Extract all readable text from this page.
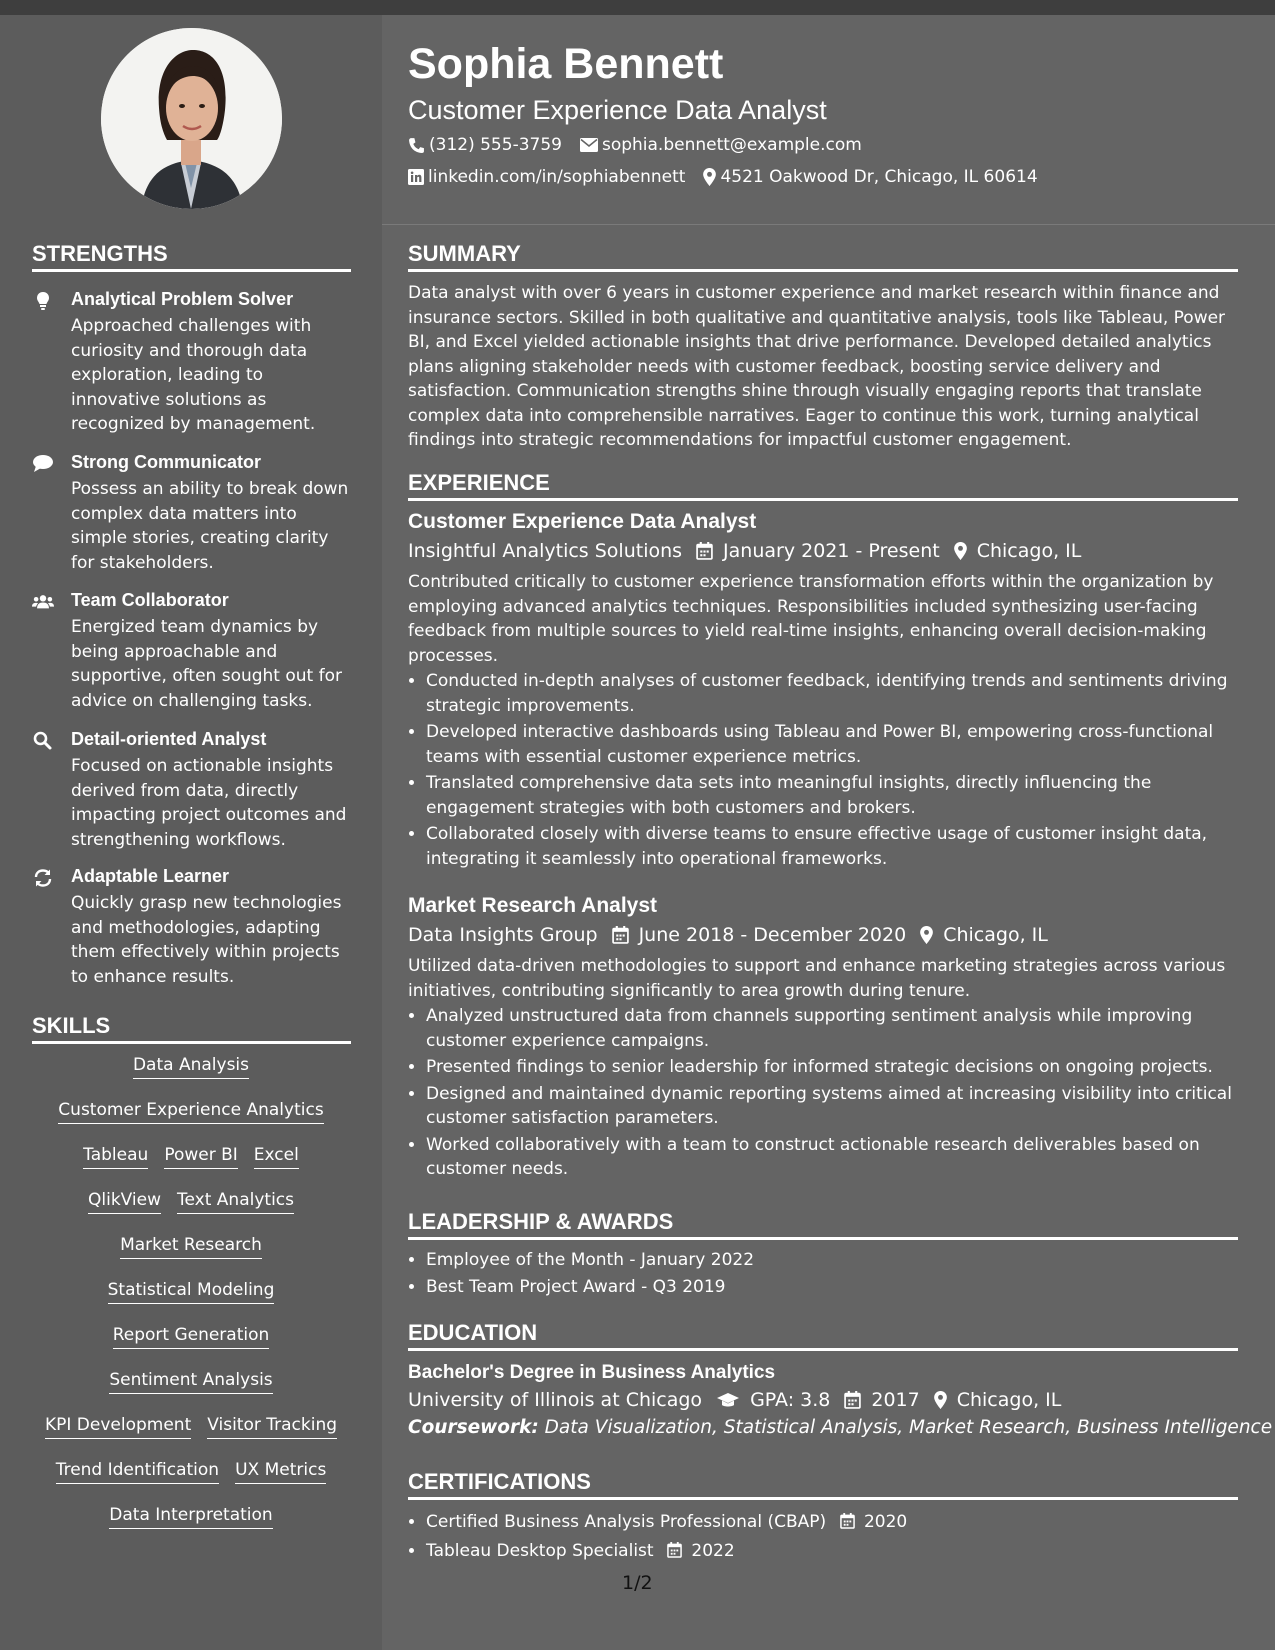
Sophia Bennett
Customer Experience Data Analyst
(312) 555-3759 sophia.bennett@example.com
linkedin.com/in/sophiabennett 4521 Oakwood Dr, Chicago, IL 60614
STRENGTHS
Analytical Problem Solver
Approached challenges with curiosity and thorough data exploration, leading to innovative solutions as recognized by management.
Strong Communicator
Possess an ability to break down complex data matters into simple stories, creating clarity for stakeholders.
Team Collaborator
Energized team dynamics by being approachable and supportive, often sought out for advice on challenging tasks.
Detail-oriented Analyst
Focused on actionable insights derived from data, directly impacting project outcomes and strengthening workflows.
Adaptable Learner
Quickly grasp new technologies and methodologies, adapting them effectively within projects to enhance results.
SKILLS
Data Analysis
Customer Experience Analytics
Tableau Power BI Excel
QlikView Text Analytics
Market Research
Statistical Modeling
Report Generation
Sentiment Analysis
KPI Development Visitor Tracking
Trend Identification UX Metrics
Data Interpretation
SUMMARY
Data analyst with over 6 years in customer experience and market research within finance and insurance sectors. Skilled in both qualitative and quantitative analysis, tools like Tableau, Power BI, and Excel yielded actionable insights that drive performance. Developed detailed analytics plans aligning stakeholder needs with customer feedback, boosting service delivery and satisfaction. Communication strengths shine through visually engaging reports that translate complex data into comprehensible narratives. Eager to continue this work, turning analytical findings into strategic recommendations for impactful customer engagement.
EXPERIENCE
Customer Experience Data Analyst
Insightful Analytics Solutions January 2021 - Present Chicago, IL
Contributed critically to customer experience transformation efforts within the organization by employing advanced analytics techniques. Responsibilities included synthesizing user-facing feedback from multiple sources to yield real-time insights, enhancing overall decision-making processes.
• Conducted in-depth analyses of customer feedback, identifying trends and sentiments driving strategic improvements.
• Developed interactive dashboards using Tableau and Power BI, empowering cross-functional teams with essential customer experience metrics.
• Translated comprehensive data sets into meaningful insights, directly influencing the engagement strategies with both customers and brokers.
• Collaborated closely with diverse teams to ensure effective usage of customer insight data, integrating it seamlessly into operational frameworks.
Market Research Analyst
Data Insights Group June 2018 - December 2020 Chicago, IL
Utilized data-driven methodologies to support and enhance marketing strategies across various initiatives, contributing significantly to area growth during tenure.
• Analyzed unstructured data from channels supporting sentiment analysis while improving customer experience campaigns.
• Presented findings to senior leadership for informed strategic decisions on ongoing projects.
• Designed and maintained dynamic reporting systems aimed at increasing visibility into critical customer satisfaction parameters.
• Worked collaboratively with a team to construct actionable research deliverables based on customer needs.
LEADERSHIP & AWARDS
• Employee of the Month - January 2022
• Best Team Project Award - Q3 2019
EDUCATION
Bachelor's Degree in Business Analytics
University of Illinois at Chicago	GPA: 3.8 2017 Chicago, IL
Coursework: Data Visualization, Statistical Analysis, Market Research, Business Intelligence
CERTIFICATIONS
• Certified Business Analysis Professional (CBAP) 2020
• Tableau Desktop Specialist 2022
1/2
